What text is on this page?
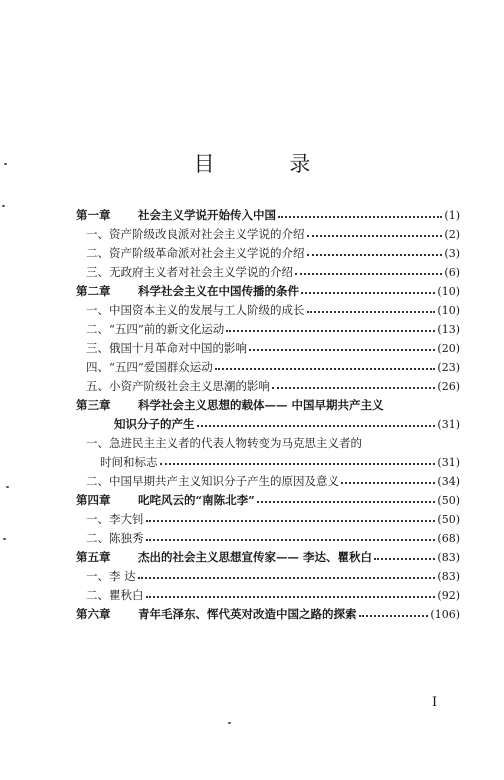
目 录
第一章 社会主义学说开始传入中国	(1)
一、资产阶级改良派对社会主义学说的介绍	(2)
二、资产阶级革命派对社会主义学说的介绍	(3)
三、无政府主义者对社会主义学说的介绍	(6)
第二章 科学社会主义在中国传播的条件	(10)
一、中国资本主义的发展与工人阶级的成长	(10)
二、“五四”前的新文化运动	(13)
三、俄国十月革命对中国的影响	(20)
四、“五四”爱国群众运动	(23)
五、小资产阶级社会主义思潮的影响	(26)
第三章 科学社会主义思想的载体—— 中国早期共产主义
知识分子的产生	(31)
一、急进民主主义者的代表人物转变为马克思主义者的
时间和标志	(31)
二、中国早期共产主义知识分子产生的原因及意义	(34)
第四章 叱咤风云的“南陈北李”	(50)
一、李大钊	(50)
二、陈独秀	(68)
第五章 杰出的社会主义思想宣传家—— 李达、瞿秋白	(83)
一、李 达	(83)
二、瞿秋白	(92)
第六章 青年毛泽东、恽代英对改造中国之路的探索	(106)
I
